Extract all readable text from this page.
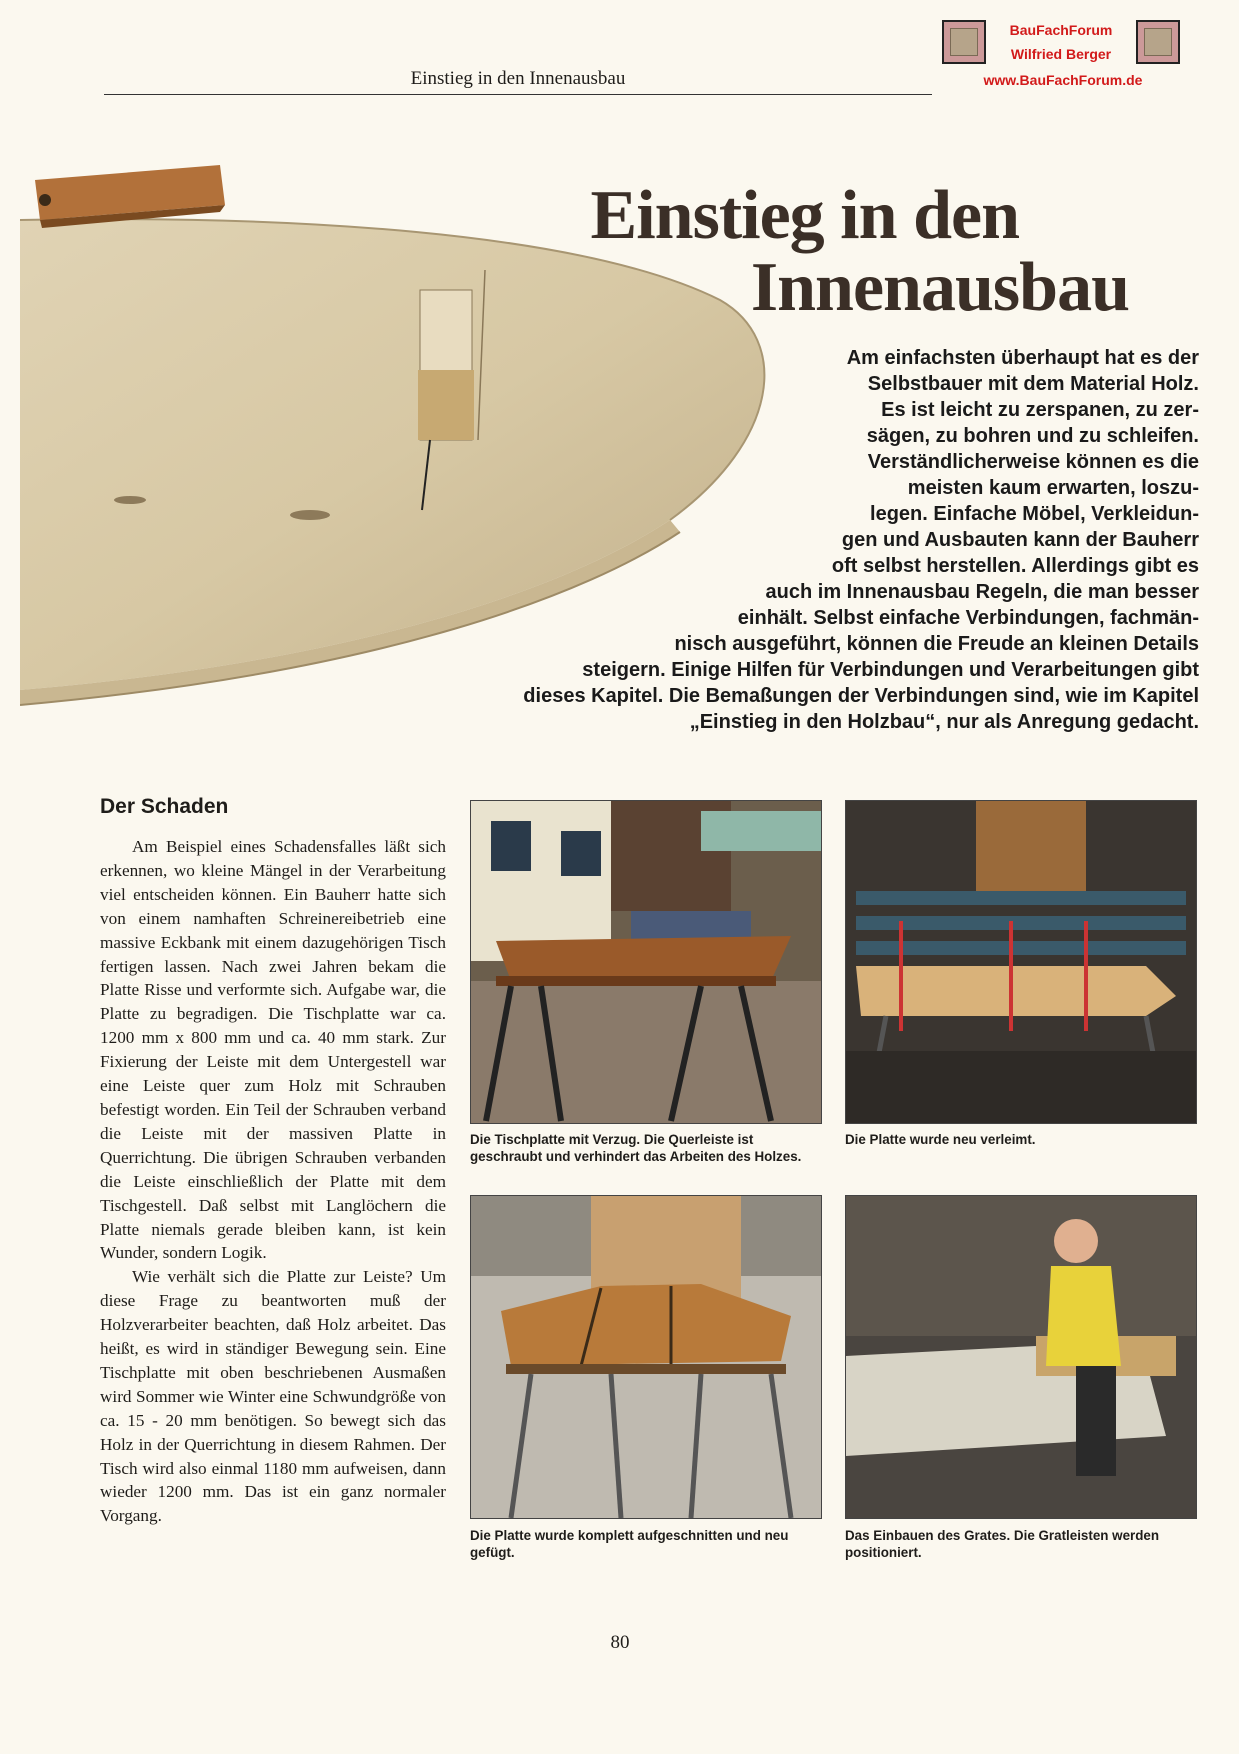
Einstieg in den Innenausbau
BauFachForum
Wilfried Berger
www.BauFachForum.de
Einstieg in den
Innenausbau
Am einfachsten überhaupt hat es der
Selbstbauer mit dem Material Holz.
Es ist leicht zu zerspanen, zu zer-
sägen, zu bohren und zu schleifen.
Verständlicherweise können es die
meisten kaum erwarten, loszu-
legen. Einfache Möbel, Verkleidun-
gen und Ausbauten kann der Bauherr
oft selbst herstellen. Allerdings gibt es
auch im Innenausbau Regeln, die man besser
einhält. Selbst einfache Verbindungen, fachmän-
nisch ausgeführt, können die Freude an kleinen Details
steigern. Einige Hilfen für Verbindungen und Verarbeitungen gibt
dieses Kapitel. Die Bemaßungen der Verbindungen sind, wie im Kapitel
„Einstieg in den Holzbau“, nur als Anregung gedacht.
Der Schaden

Am Beispiel eines Schadensfalles läßt sich erkennen, wo kleine Mängel in der Verarbeitung viel entscheiden können. Ein Bauherr hatte sich von einem namhaften Schreinereibetrieb eine massive Eckbank mit einem dazugehörigen Tisch fertigen lassen. Nach zwei Jahren bekam die Platte Risse und verformte sich. Aufgabe war, die Platte zu begradigen. Die Tischplatte war ca. 1200 mm x 800 mm und ca. 40 mm stark. Zur Fixierung der Leiste mit dem Untergestell war eine Leiste quer zum Holz mit Schrauben befestigt worden. Ein Teil der Schrauben verband die Leiste mit der massiven Platte in Querrichtung. Die übrigen Schrauben verbanden die Leiste einschließlich der Platte mit dem Tischgestell. Daß selbst mit Langlöchern die Platte niemals gerade bleiben kann, ist kein Wunder, sondern Logik.

Wie verhält sich die Platte zur Leiste? Um diese Frage zu beantworten muß der Holzverarbeiter beachten, daß Holz arbeitet. Das heißt, es wird in ständiger Bewegung sein. Eine Tischplatte mit oben beschriebenen Ausmaßen wird Sommer wie Winter eine Schwundgröße von ca. 15 - 20 mm benötigen. So bewegt sich das Holz in der Querrichtung in diesem Rahmen. Der Tisch wird also einmal 1180 mm aufweisen, dann wieder 1200 mm. Das ist ein ganz normaler Vorgang.

Die Tischplatte mit Verzug. Die Querleiste ist geschraubt und verhindert das Arbeiten des Holzes.
Die Platte wurde neu verleimt.
Die Platte wurde komplett aufgeschnitten und neu gefügt.
Das Einbauen des Grates. Die Gratleisten werden positioniert.
80
